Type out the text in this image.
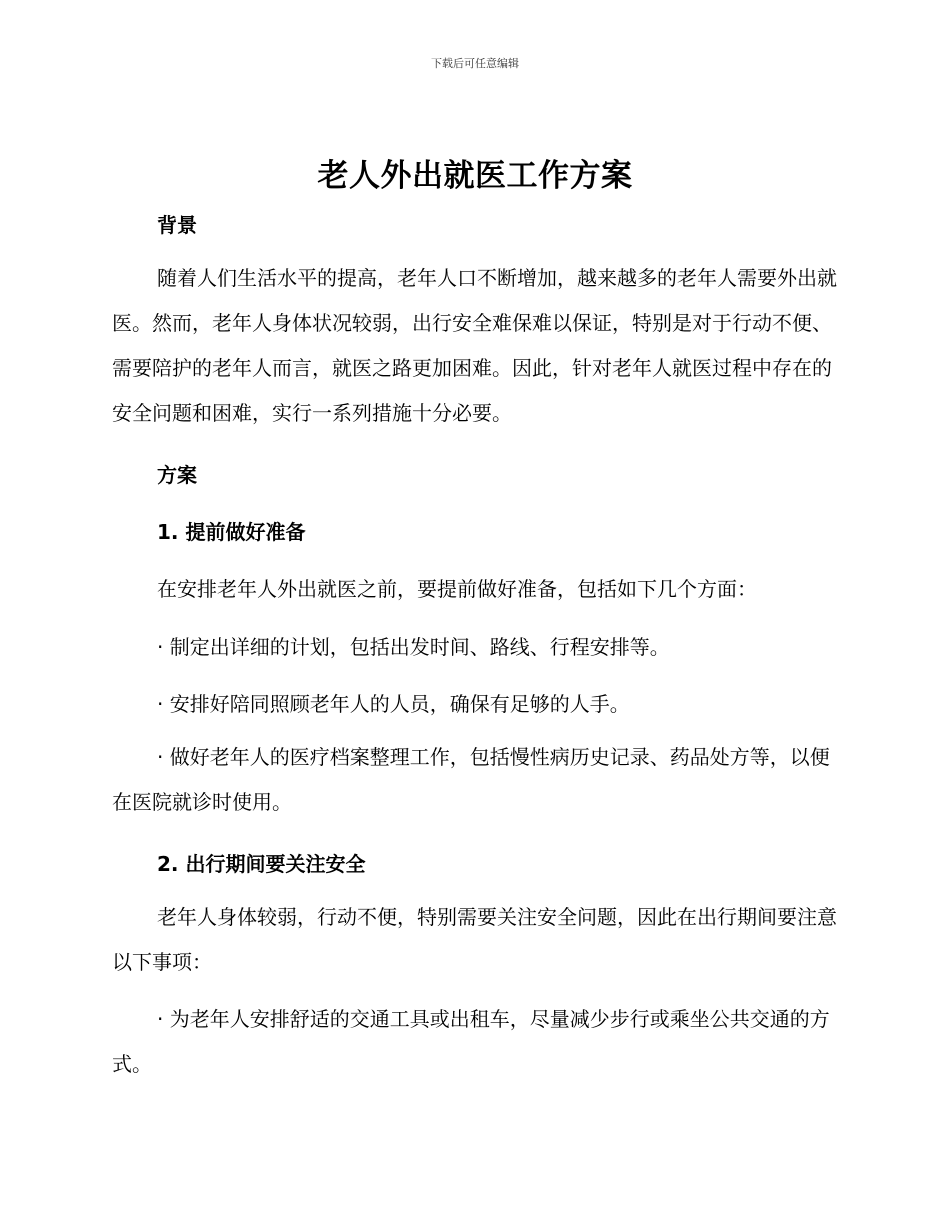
下载后可任意编辑
老人外出就医工作方案
背景
随着人们生活水平的提高，老年人口不断增加，越来越多的老年人需要外出就医。然而，老年人身体状况较弱，出行安全难保难以保证，特别是对于行动不便、需要陪护的老年人而言，就医之路更加困难。因此，针对老年人就医过程中存在的安全问题和困难，实行一系列措施十分必要。
方案
1. 提前做好准备
在安排老年人外出就医之前，要提前做好准备，包括如下几个方面：
· 制定出详细的计划，包括出发时间、路线、行程安排等。
· 安排好陪同照顾老年人的人员，确保有足够的人手。
· 做好老年人的医疗档案整理工作，包括慢性病历史记录、药品处方等，以便在医院就诊时使用。
2. 出行期间要关注安全
老年人身体较弱，行动不便，特别需要关注安全问题，因此在出行期间要注意以下事项：
· 为老年人安排舒适的交通工具或出租车，尽量减少步行或乘坐公共交通的方式。
